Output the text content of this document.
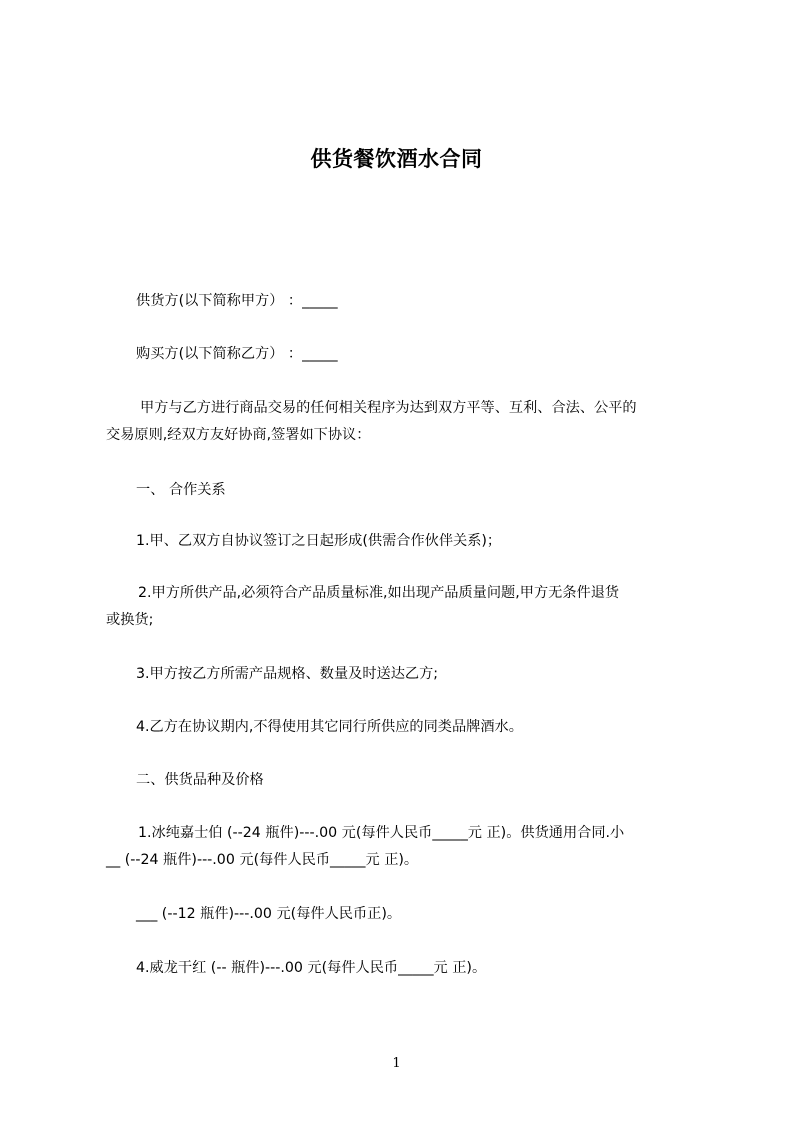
供货餐饮酒水合同
供货方(以下简称甲方） ：_____
购买方(以下简称乙方） ：_____
甲方与乙方进行商品交易的任何相关程序为达到双方平等、互利、合法、公平的
交易原则,经双方友好协商,签署如下协议：
一、 合作关系
1.甲、乙双方自协议签订之日起形成(供需合作伙伴关系)；
2.甲方所供产品,必须符合产品质量标准,如出现产品质量问题,甲方无条件退货
或换货;
3.甲方按乙方所需产品规格、数量及时送达乙方;
4.乙方在协议期内,不得使用其它同行所供应的同类品牌酒水。
二、供货品种及价格
1.冰纯嘉士伯 (--24 瓶件)---.00 元(每件人民币_____元 正)。供货通用合同.小
__ (--24 瓶件)---.00 元(每件人民币_____元 正)。
___ (--12 瓶件)---.00 元(每件人民币正)。
4.威龙干红 (-- 瓶件)---.00 元(每件人民币_____元 正)。
1
